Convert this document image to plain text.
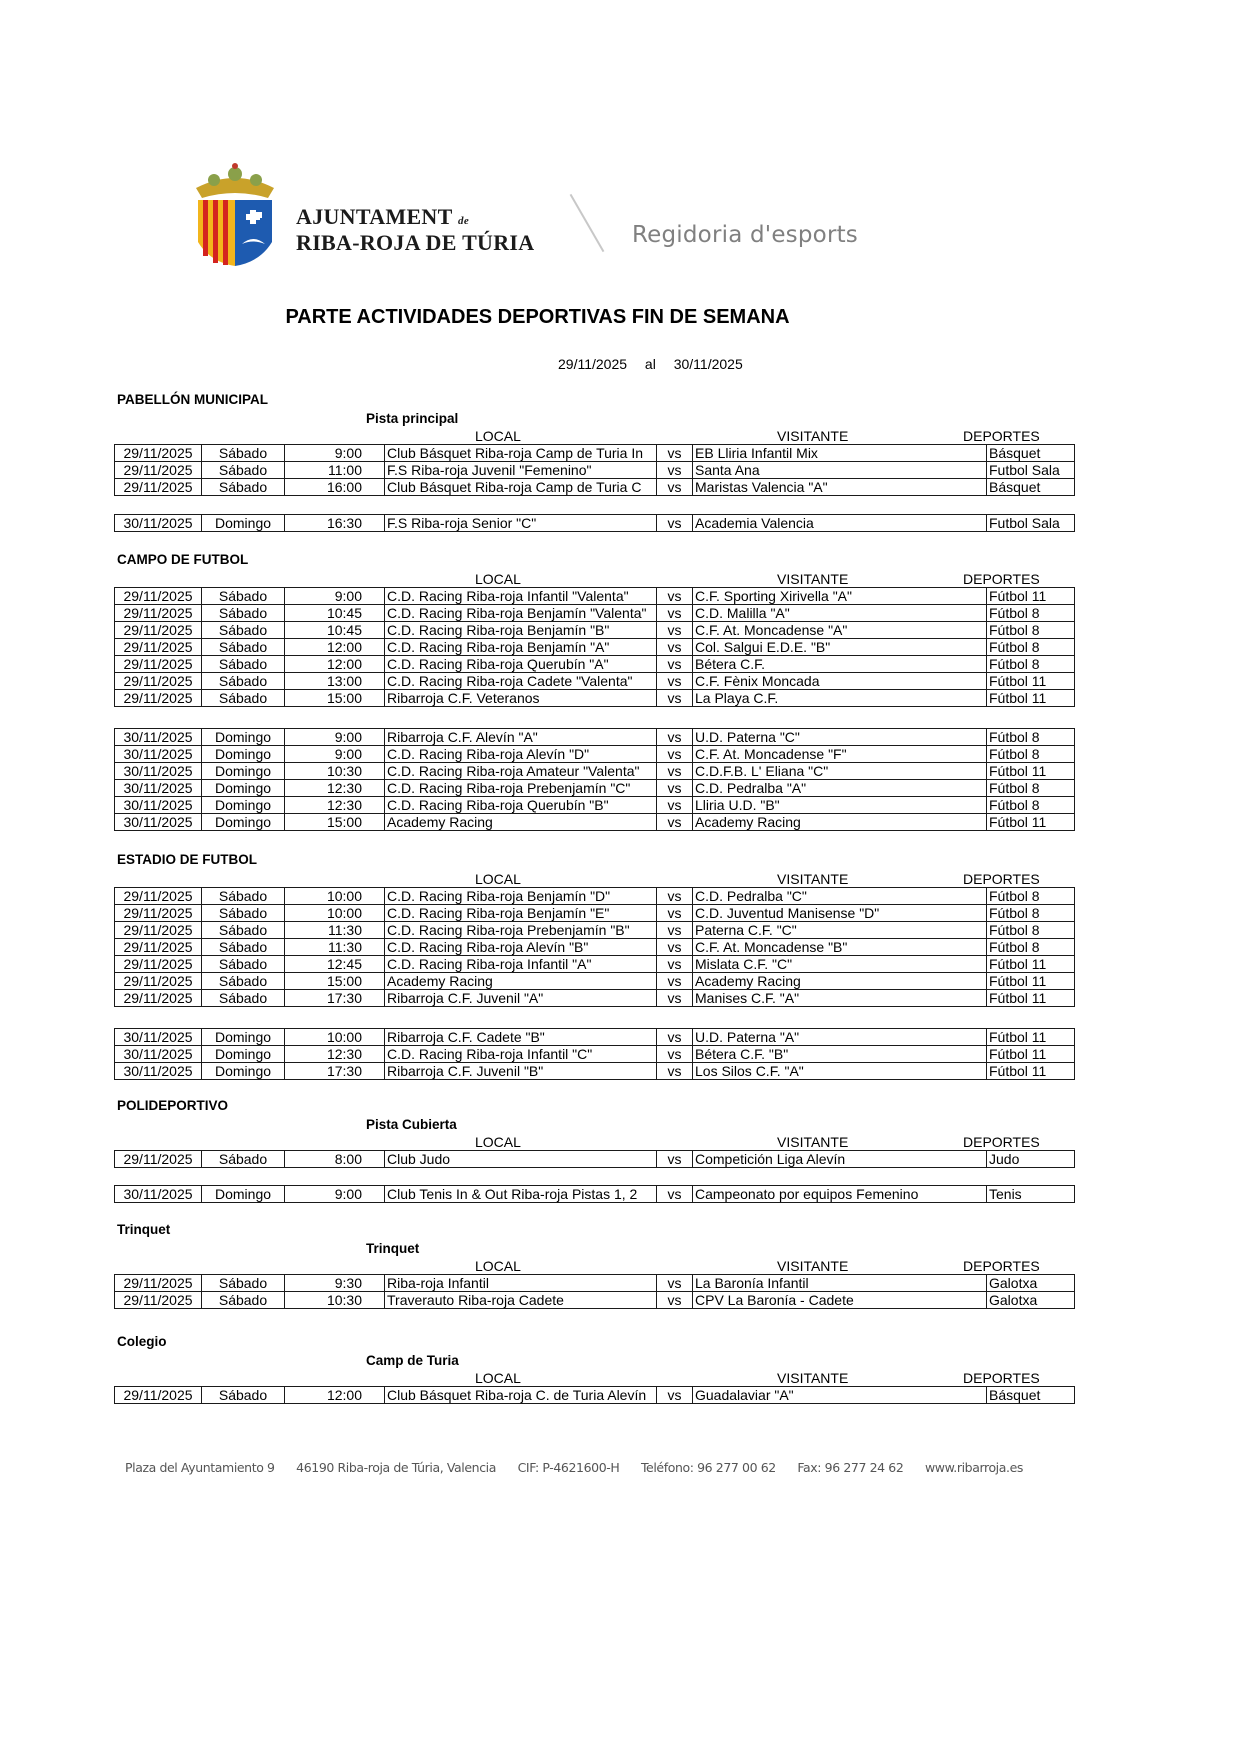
AJUNTAMENT de
RIBA-ROJA DE TÚRIA	Regidoria d'esports
PARTE ACTIVIDADES DEPORTIVAS FIN DE SEMANA
29/11/2025 al 30/11/2025
PABELLÓN MUNICIPAL
Pista principal
LOCAL	VISITANTE	DEPORTES
29/11/2025	Sábado	9:00	Club Básquet Riba-roja Camp de Turia In	vs	EB Lliria Infantil Mix	Básquet
29/11/2025	Sábado	11:00	F.S Riba-roja Juvenil "Femenino"	vs	Santa Ana	Futbol Sala
29/11/2025	Sábado	16:00	Club Básquet Riba-roja Camp de Turia C	vs	Maristas Valencia "A"	Básquet
30/11/2025	Domingo	16:30	F.S Riba-roja Senior "C"	vs	Academia Valencia	Futbol Sala
CAMPO DE FUTBOL
LOCAL	VISITANTE	DEPORTES
29/11/2025	Sábado	9:00	C.D. Racing Riba-roja Infantil "Valenta"	vs	C.F. Sporting Xirivella "A"	Fútbol 11
29/11/2025	Sábado	10:45	C.D. Racing Riba-roja Benjamín "Valenta"	vs	C.D. Malilla "A"	Fútbol 8
29/11/2025	Sábado	10:45	C.D. Racing Riba-roja Benjamín "B"	vs	C.F. At. Moncadense "A"	Fútbol 8
29/11/2025	Sábado	12:00	C.D. Racing Riba-roja Benjamín "A"	vs	Col. Salgui E.D.E. "B"	Fútbol 8
29/11/2025	Sábado	12:00	C.D. Racing Riba-roja Querubín "A"	vs	Bétera C.F.	Fútbol 8
29/11/2025	Sábado	13:00	C.D. Racing Riba-roja Cadete "Valenta"	vs	C.F. Fènix Moncada	Fútbol 11
29/11/2025	Sábado	15:00	Ribarroja C.F. Veteranos	vs	La Playa C.F.	Fútbol 11
30/11/2025	Domingo	9:00	Ribarroja C.F. Alevín "A"	vs	U.D. Paterna "C"	Fútbol 8
30/11/2025	Domingo	9:00	C.D. Racing Riba-roja Alevín "D"	vs	C.F. At. Moncadense "F"	Fútbol 8
30/11/2025	Domingo	10:30	C.D. Racing Riba-roja Amateur "Valenta"	vs	C.D.F.B. L' Eliana "C"	Fútbol 11
30/11/2025	Domingo	12:30	C.D. Racing Riba-roja Prebenjamín "C"	vs	C.D. Pedralba "A"	Fútbol 8
30/11/2025	Domingo	12:30	C.D. Racing Riba-roja Querubín "B"	vs	Lliria U.D. "B"	Fútbol 8
30/11/2025	Domingo	15:00	Academy Racing	vs	Academy Racing	Fútbol 11
ESTADIO DE FUTBOL
LOCAL	VISITANTE	DEPORTES
29/11/2025	Sábado	10:00	C.D. Racing Riba-roja Benjamín "D"	vs	C.D. Pedralba "C"	Fútbol 8
29/11/2025	Sábado	10:00	C.D. Racing Riba-roja Benjamín "E"	vs	C.D. Juventud Manisense "D"	Fútbol 8
29/11/2025	Sábado	11:30	C.D. Racing Riba-roja Prebenjamín "B"	vs	Paterna C.F. "C"	Fútbol 8
29/11/2025	Sábado	11:30	C.D. Racing Riba-roja Alevín "B"	vs	C.F. At. Moncadense "B"	Fútbol 8
29/11/2025	Sábado	12:45	C.D. Racing Riba-roja Infantil "A"	vs	Mislata C.F. "C"	Fútbol 11
29/11/2025	Sábado	15:00	Academy Racing	vs	Academy Racing	Fútbol 11
29/11/2025	Sábado	17:30	Ribarroja C.F. Juvenil "A"	vs	Manises C.F. "A"	Fútbol 11
30/11/2025	Domingo	10:00	Ribarroja C.F. Cadete "B"	vs	U.D. Paterna "A"	Fútbol 11
30/11/2025	Domingo	12:30	C.D. Racing Riba-roja Infantil "C"	vs	Bétera C.F. "B"	Fútbol 11
30/11/2025	Domingo	17:30	Ribarroja C.F. Juvenil "B"	vs	Los Silos C.F. "A"	Fútbol 11
POLIDEPORTIVO
Pista Cubierta
LOCAL	VISITANTE	DEPORTES
29/11/2025	Sábado	8:00	Club Judo	vs	Competición Liga Alevín	Judo
30/11/2025	Domingo	9:00	Club Tenis In & Out Riba-roja Pistas 1, 2	vs	Campeonato por equipos Femenino	Tenis
Trinquet
Trinquet
LOCAL	VISITANTE	DEPORTES
29/11/2025	Sábado	9:30	Riba-roja Infantil	vs	La Baronía Infantil	Galotxa
29/11/2025	Sábado	10:30	Traverauto Riba-roja Cadete	vs	CPV La Baronía - Cadete	Galotxa
Colegio
Camp de Turia
LOCAL	VISITANTE	DEPORTES
29/11/2025	Sábado	12:00	Club Básquet Riba-roja C. de Turia Alevín	vs	Guadalaviar "A"	Básquet
Plaza del Ayuntamiento 9 46190 Riba-roja de Túria, Valencia CIF: P-4621600-H Teléfono: 96 277 00 62 Fax: 96 277 24 62 www.ribarroja.es
